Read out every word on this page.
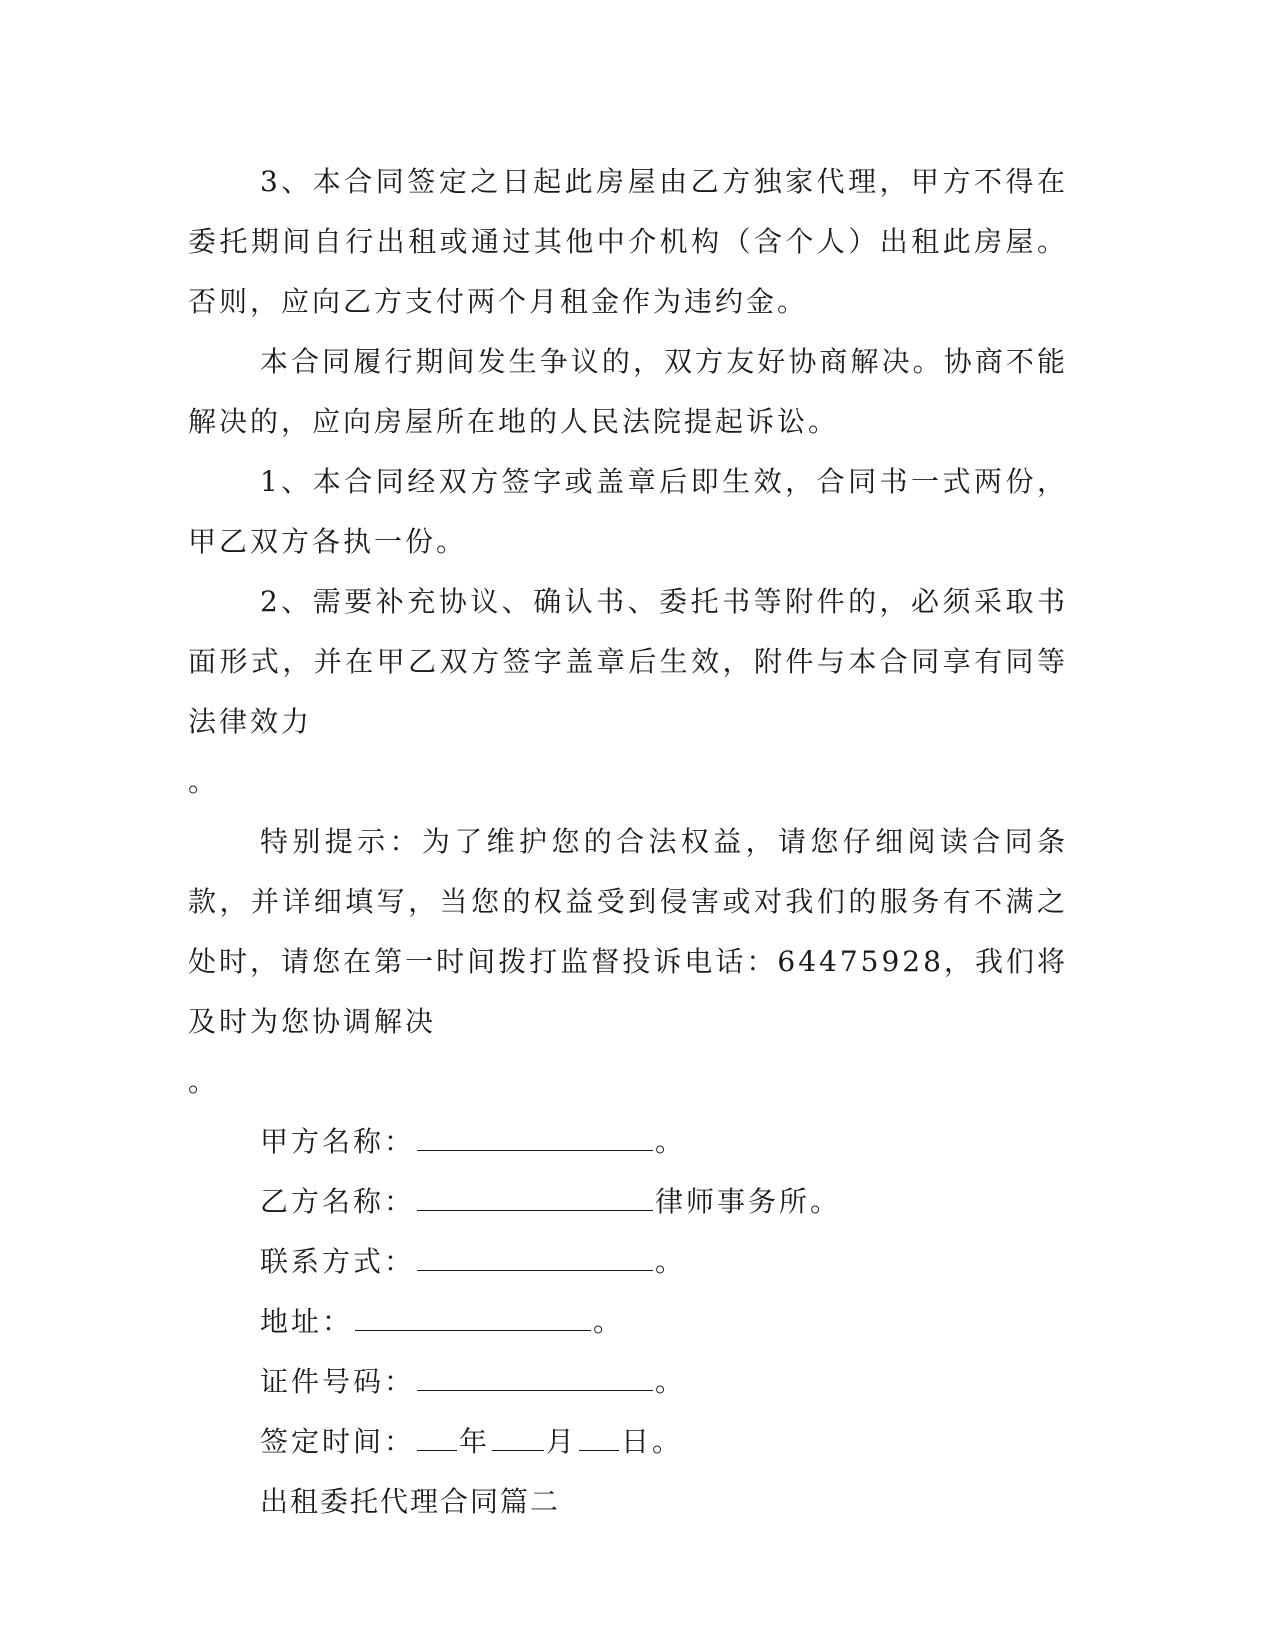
3、本合同签定之日起此房屋由乙方独家代理，甲方不得在委托期间自行出租或通过其他中介机构（含个人）出租此房屋。否则，应向乙方支付两个月租金作为违约金。

本合同履行期间发生争议的，双方友好协商解决。协商不能解决的，应向房屋所在地的人民法院提起诉讼。

1、本合同经双方签字或盖章后即生效，合同书一式两份，甲乙双方各执一份。

2、需要补充协议、确认书、委托书等附件的，必须采取书面形式，并在甲乙双方签字盖章后生效，附件与本合同享有同等法律效力

。

特别提示：为了维护您的合法权益，请您仔细阅读合同条款，并详细填写，当您的权益受到侵害或对我们的服务有不满之处时，请您在第一时间拨打监督投诉电话：64475928，我们将及时为您协调解决

。

甲方名称：	。

乙方名称：	律师事务所。

联系方式：	。

地址：	。

证件号码：	。

签定时间： 年 月 日。

出租委托代理合同篇二
